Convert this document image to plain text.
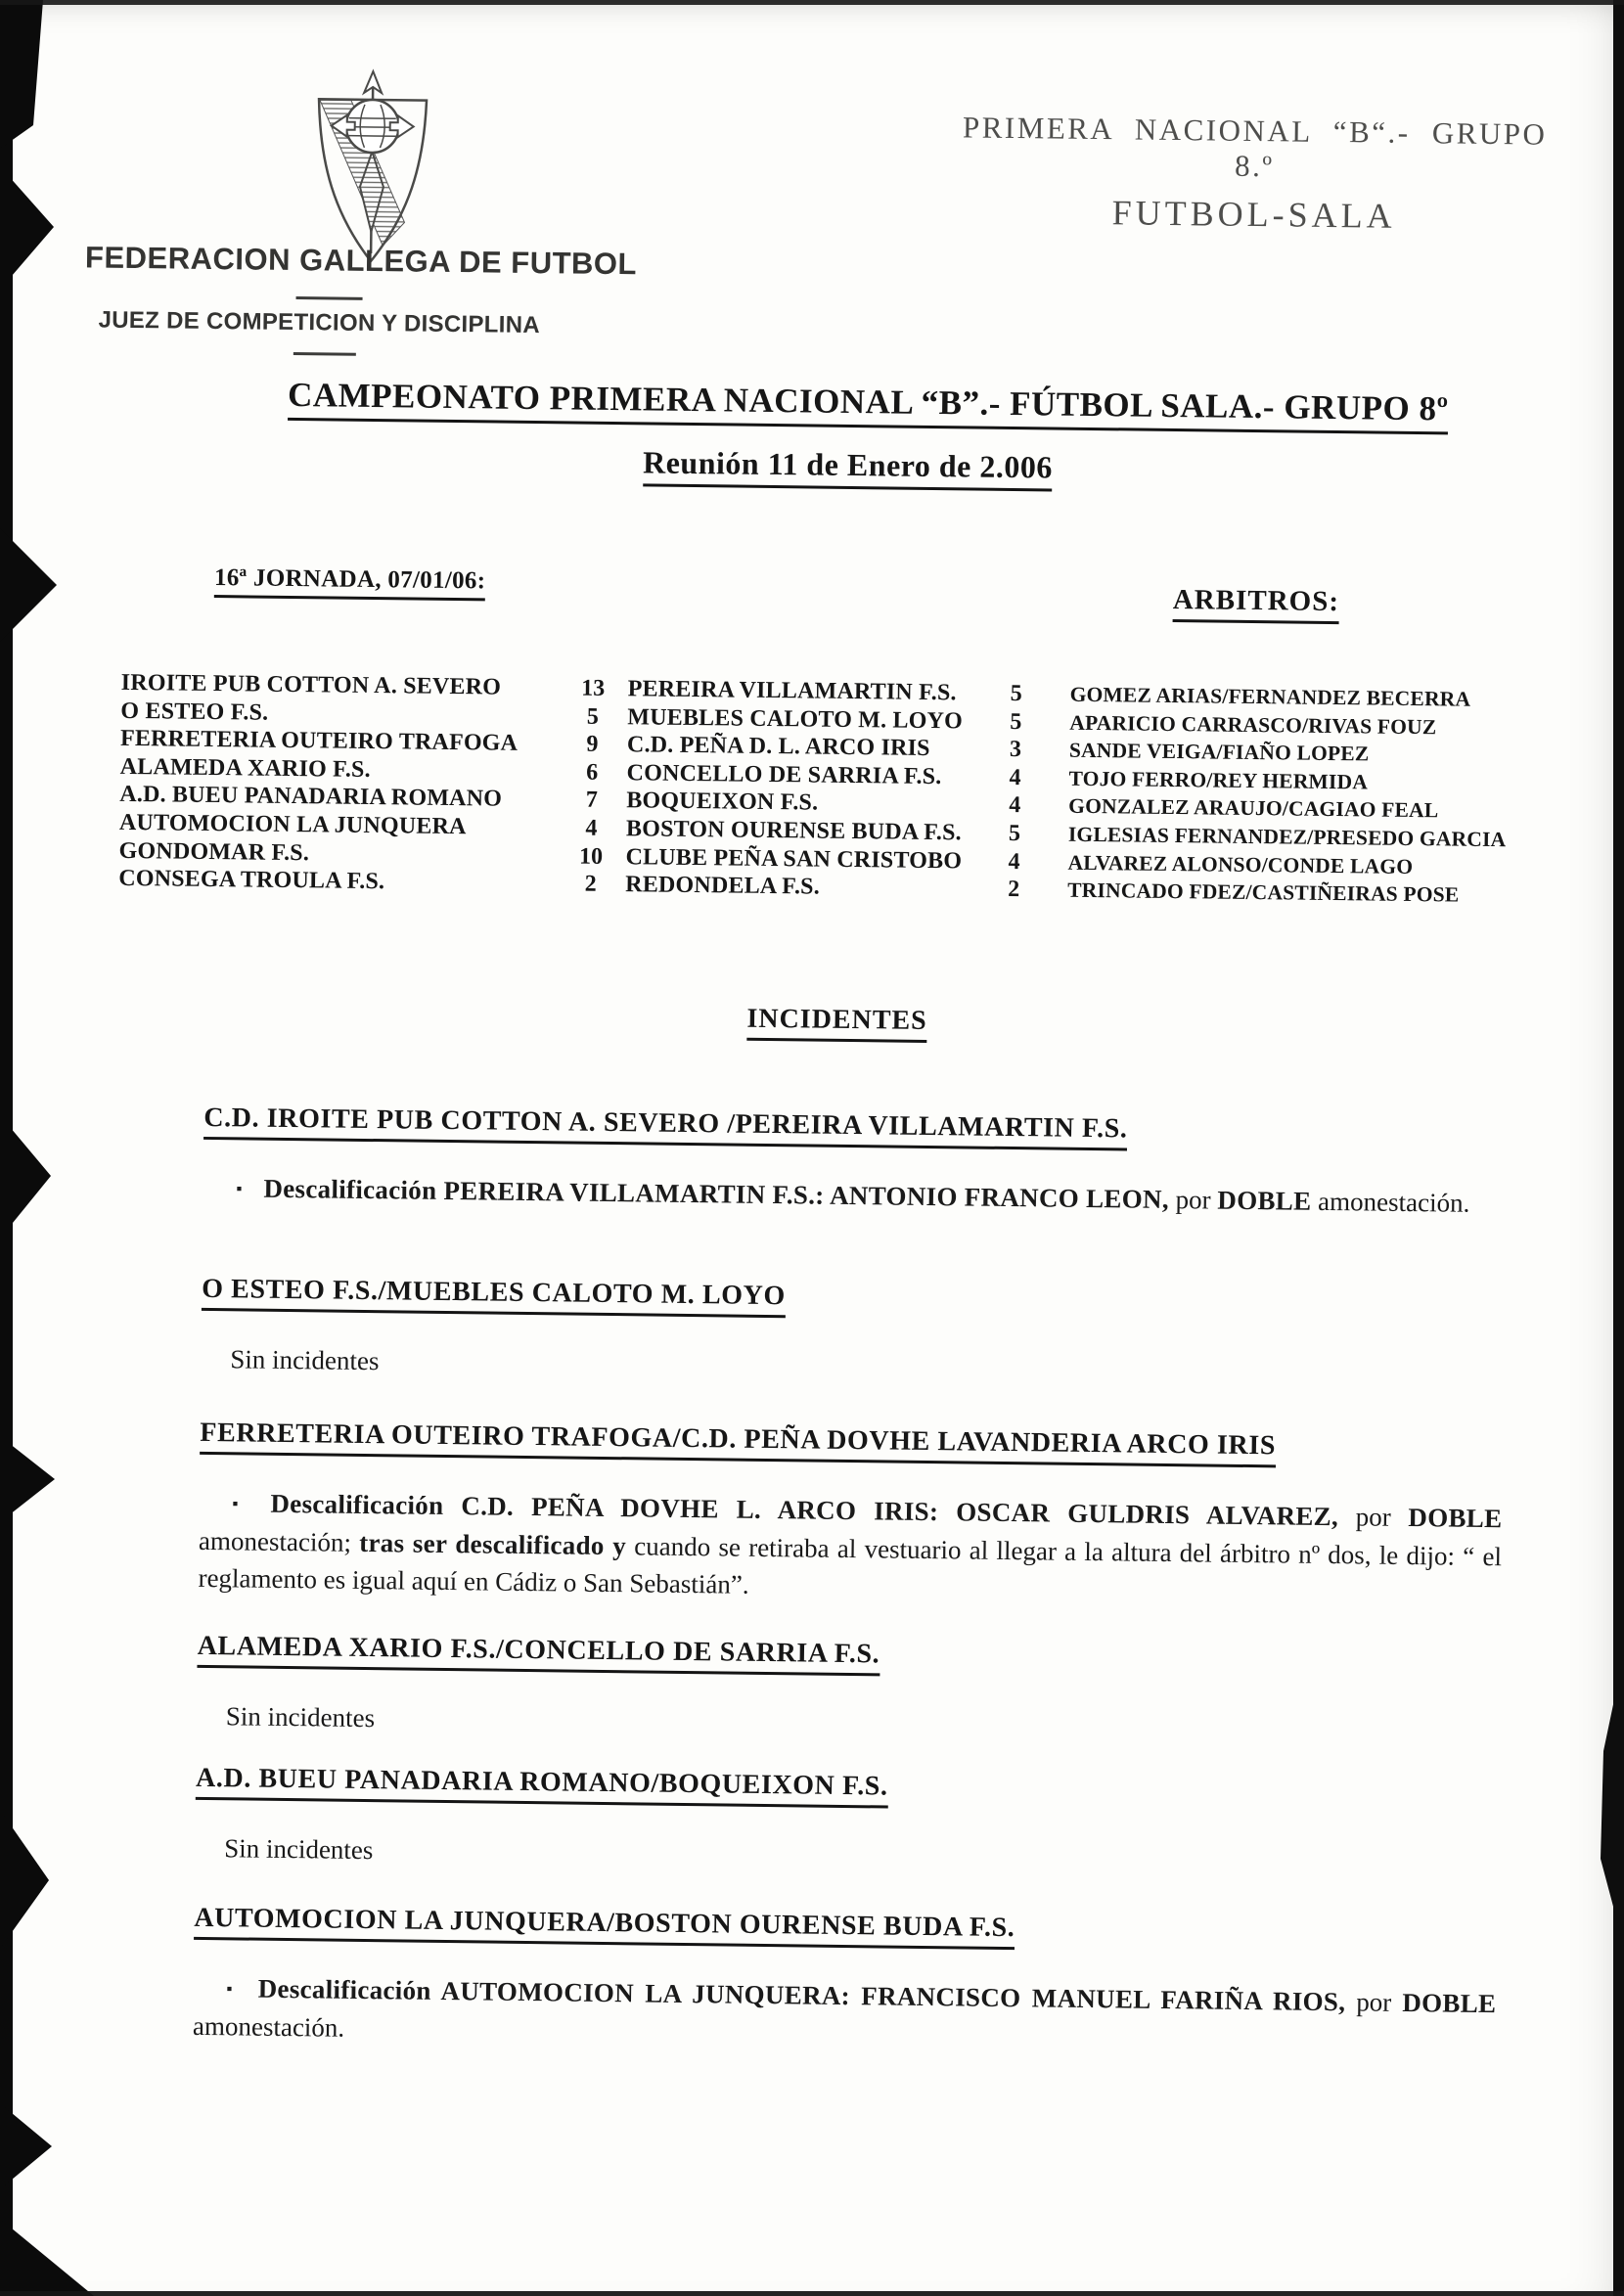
PRIMERA NACIONAL “B“.- GRUPO 8.º
FUTBOL-SALA
FEDERACION GALLEGA DE FUTBOL
JUEZ DE COMPETICION Y DISCIPLINA
CAMPEONATO PRIMERA NACIONAL “B”.- FÚTBOL SALA.- GRUPO 8º
Reunión 11 de Enero de 2.006
16ª JORNADA, 07/01/06:
ARBITROS:
IROITE PUB COTTON A. SEVERO	13 PEREIRA VILLAMARTIN F.S.	5	GOMEZ ARIAS/FERNANDEZ BECERRA
O ESTEO F.S.	5	MUEBLES CALOTO M. LOYO	5	APARICIO CARRASCO/RIVAS FOUZ
FERRETERIA OUTEIRO TRAFOGA	9	C.D. PEÑA D. L. ARCO IRIS	3	SANDE VEIGA/FIAÑO LOPEZ
ALAMEDA XARIO F.S.	6	CONCELLO DE SARRIA F.S.	4	TOJO FERRO/REY HERMIDA
A.D. BUEU PANADARIA ROMANO	7	BOQUEIXON F.S.	4	GONZALEZ ARAUJO/CAGIAO FEAL
AUTOMOCION LA JUNQUERA	4	BOSTON OURENSE BUDA F.S.	5	IGLESIAS FERNANDEZ/PRESEDO GARCIA
GONDOMAR F.S.	10 CLUBE PEÑA SAN CRISTOBO	4	ALVAREZ ALONSO/CONDE LAGO
CONSEGA TROULA F.S.	2	REDONDELA F.S.	2	TRINCADO FDEZ/CASTIÑEIRAS POSE
INCIDENTES
C.D. IROITE PUB COTTON A. SEVERO /PEREIRA VILLAMARTIN F.S.

▪ Descalificación PEREIRA VILLAMARTIN F.S.: ANTONIO FRANCO LEON, por DOBLE amonestación.

O ESTEO F.S./MUEBLES CALOTO M. LOYO

Sin incidentes

FERRETERIA OUTEIRO TRAFOGA/C.D. PEÑA DOVHE LAVANDERIA ARCO IRIS

▪ Descalificación C.D. PEÑA DOVHE L. ARCO IRIS: OSCAR GULDRIS ALVAREZ, por DOBLE amonestación; tras ser descalificado y cuando se retiraba al vestuario al llegar a la altura del árbitro nº dos, le dijo: “ el reglamento es igual aquí en Cádiz o San Sebastián”.

ALAMEDA XARIO F.S./CONCELLO DE SARRIA F.S.

Sin incidentes

A.D. BUEU PANADARIA ROMANO/BOQUEIXON F.S.

Sin incidentes

AUTOMOCION LA JUNQUERA/BOSTON OURENSE BUDA F.S.

▪ Descalificación AUTOMOCION LA JUNQUERA: FRANCISCO MANUEL FARIÑA RIOS, por DOBLE amonestación.
